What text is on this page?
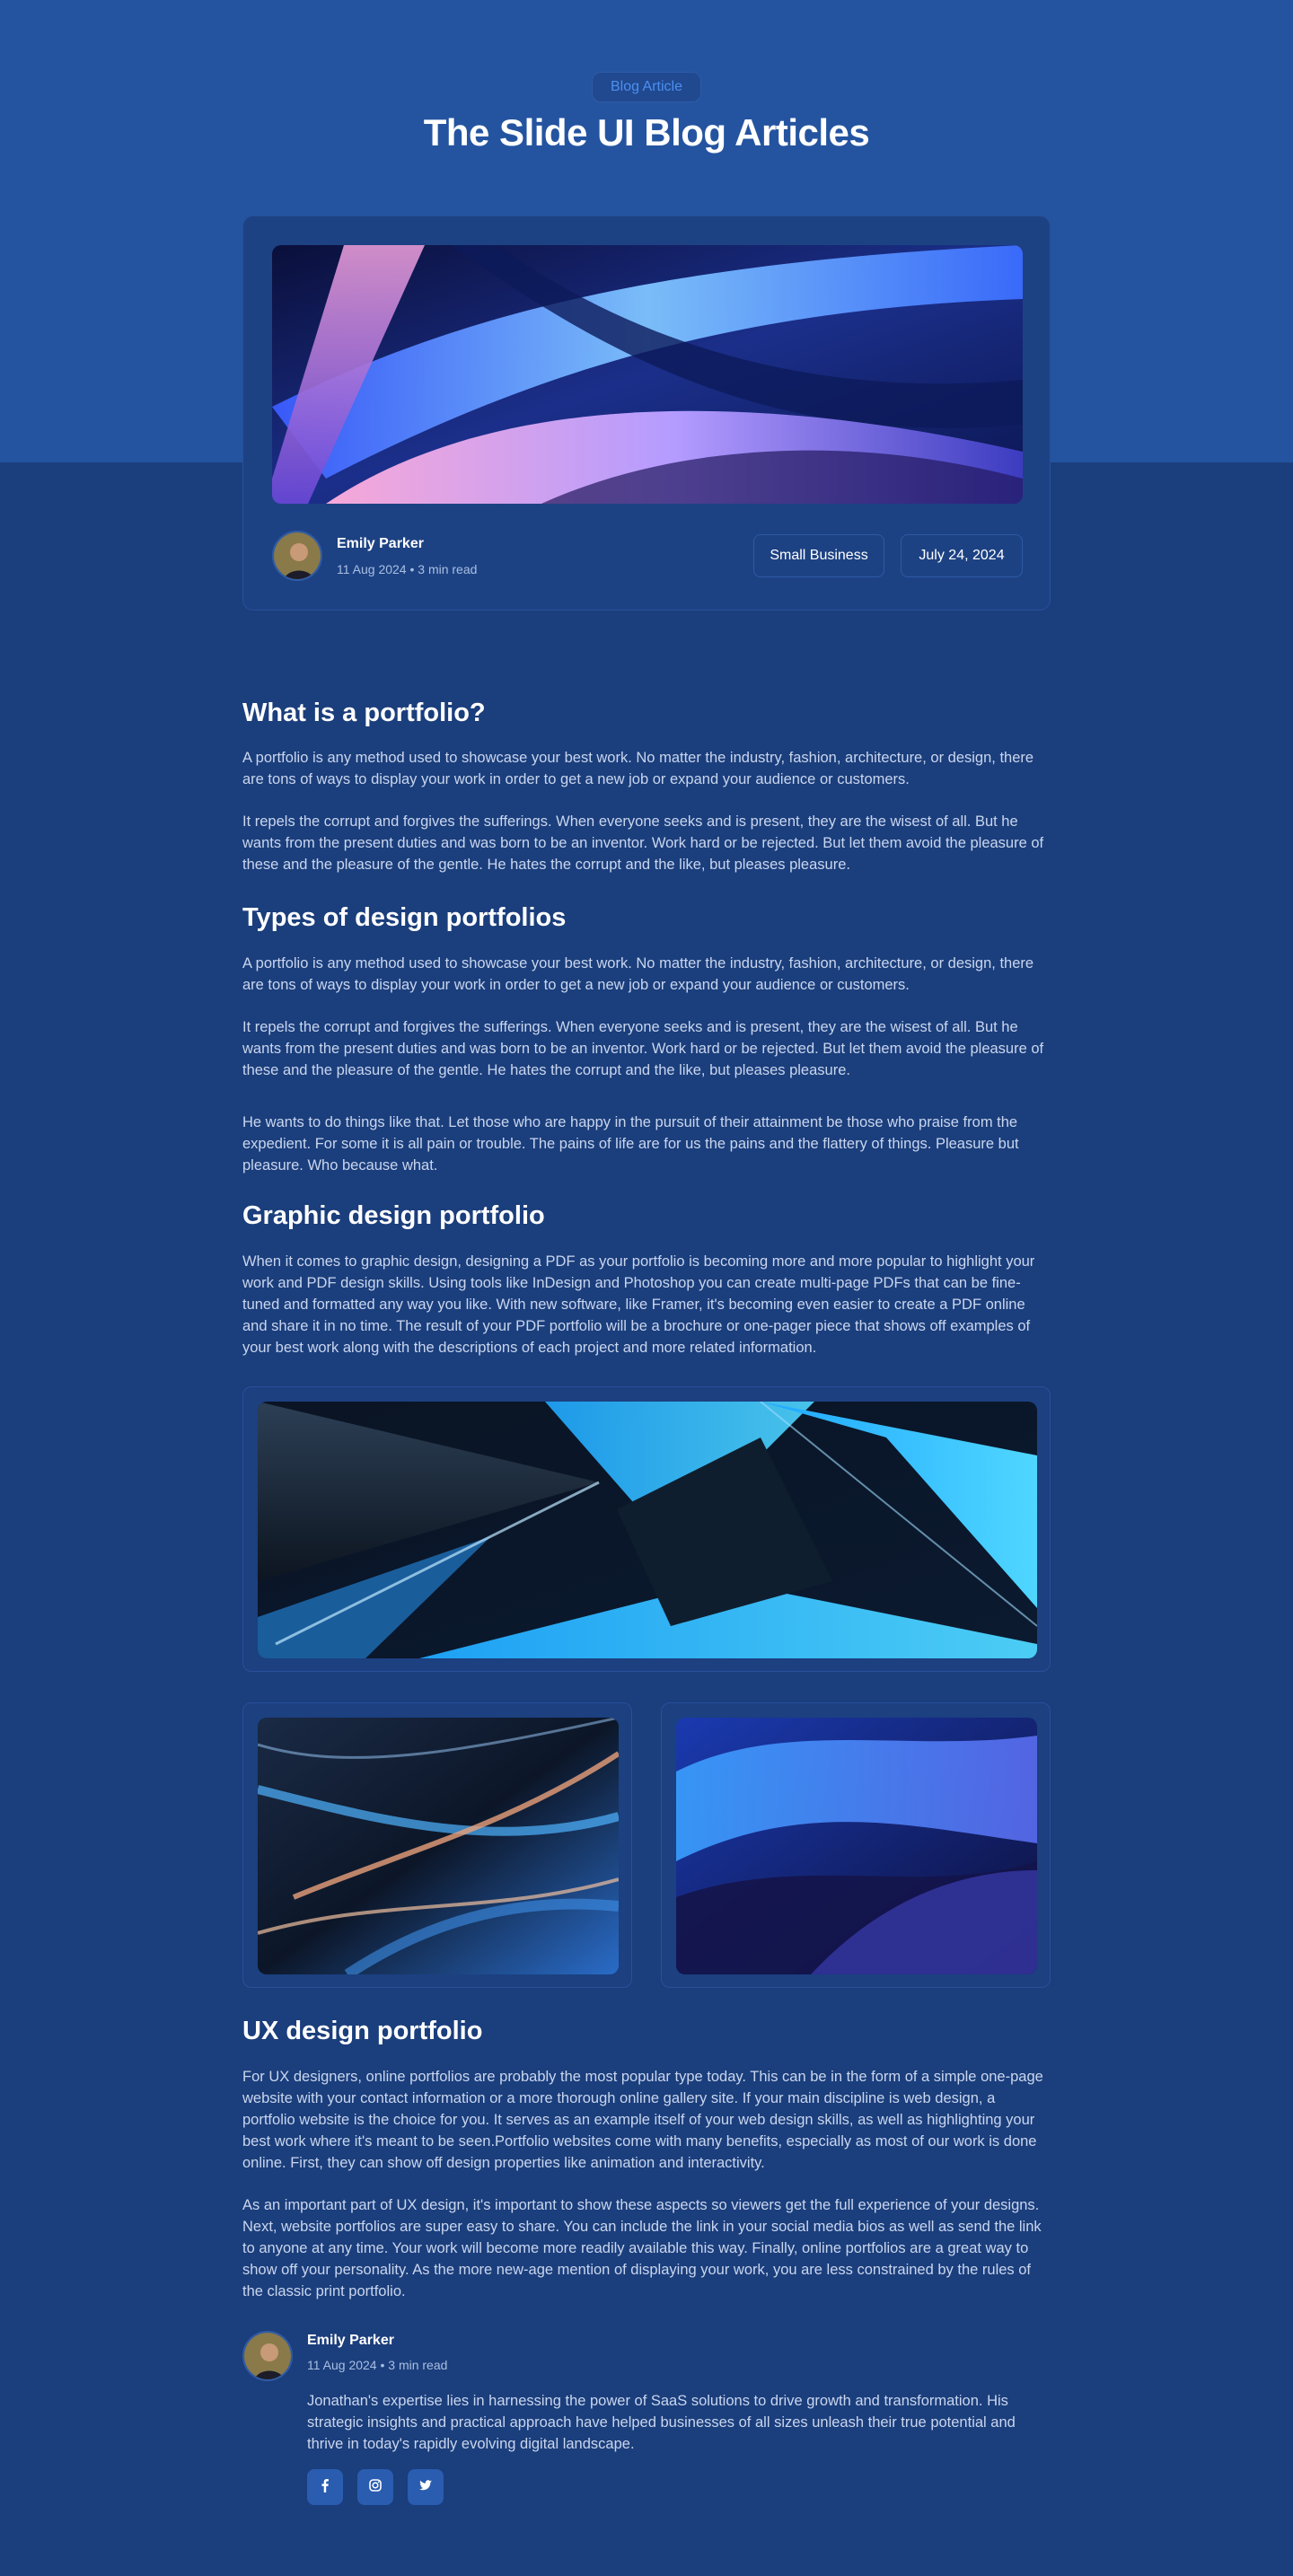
Blog Article
The Slide UI Blog Articles
Emily Parker
11 Aug 2024 • 3 min read
Small Business	July 24, 2024
What is a portfolio?

A portfolio is any method used to showcase your best work. No matter the industry, fashion, architecture, or design, there are tons of ways to display your work in order to get a new job or expand your audience or customers.

It repels the corrupt and forgives the sufferings. When everyone seeks and is present, they are the wisest of all. But he wants from the present duties and was born to be an inventor. Work hard or be rejected. But let them avoid the pleasure of these and the pleasure of the gentle. He hates the corrupt and the like, but pleases pleasure.

Types of design portfolios

A portfolio is any method used to showcase your best work. No matter the industry, fashion, architecture, or design, there are tons of ways to display your work in order to get a new job or expand your audience or customers.

It repels the corrupt and forgives the sufferings. When everyone seeks and is present, they are the wisest of all. But he wants from the present duties and was born to be an inventor. Work hard or be rejected. But let them avoid the pleasure of these and the pleasure of the gentle. He hates the corrupt and the like, but pleases pleasure.

He wants to do things like that. Let those who are happy in the pursuit of their attainment be those who praise from the expedient. For some it is all pain or trouble. The pains of life are for us the pains and the flattery of things. Pleasure but pleasure. Who because what.

Graphic design portfolio

When it comes to graphic design, designing a PDF as your portfolio is becoming more and more popular to highlight your work and PDF design skills. Using tools like InDesign and Photoshop you can create multi-page PDFs that can be fine-tuned and formatted any way you like. With new software, like Framer, it's becoming even easier to create a PDF online and share it in no time. The result of your PDF portfolio will be a brochure or one-pager piece that shows off examples of your best work along with the descriptions of each project and more related information.

UX design portfolio

For UX designers, online portfolios are probably the most popular type today. This can be in the form of a simple one-page website with your contact information or a more thorough online gallery site. If your main discipline is web design, a portfolio website is the choice for you. It serves as an example itself of your web design skills, as well as highlighting your best work where it's meant to be seen.Portfolio websites come with many benefits, especially as most of our work is done online. First, they can show off design properties like animation and interactivity.

As an important part of UX design, it's important to show these aspects so viewers get the full experience of your designs. Next, website portfolios are super easy to share. You can include the link in your social media bios as well as send the link to anyone at any time. Your work will become more readily available this way. Finally, online portfolios are a great way to show off your personality. As the more new-age mention of displaying your work, you are less constrained by the rules of the classic print portfolio.

Emily Parker
11 Aug 2024 • 3 min read

Jonathan's expertise lies in harnessing the power of SaaS solutions to drive growth and transformation. His strategic insights and practical approach have helped businesses of all sizes unleash their true potential and thrive in today's rapidly evolving digital landscape.
